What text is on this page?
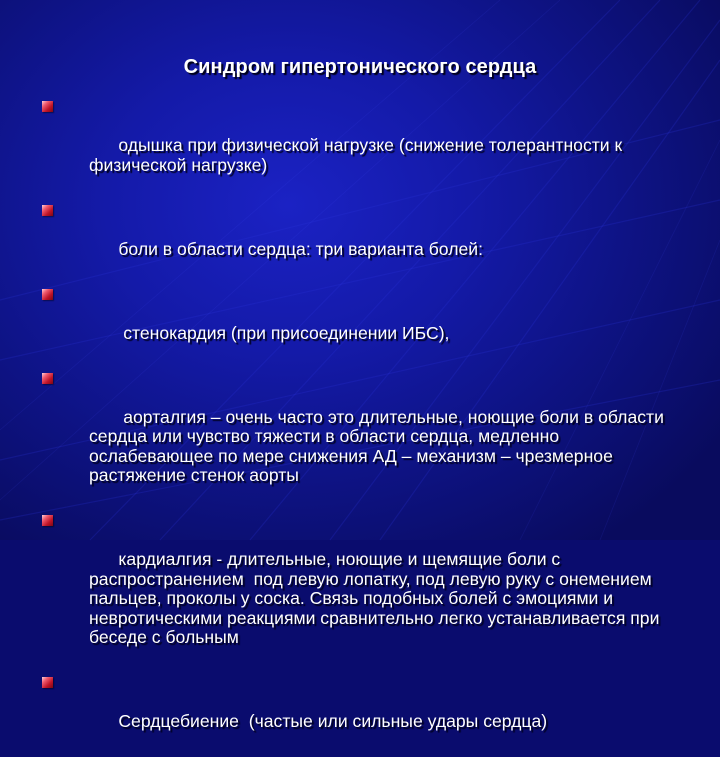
Синдром гипертонического сердца

одышка при физической нагрузке (снижение толерантности к физической нагрузке)

боли в области сердца: три варианта болей:

стенокардия (при присоединении ИБС),

аорталгия – очень часто это длительные, ноющие боли в области сердца или чувство тяжести в области сердца, медленно ослабевающее по мере снижения АД – механизм – чрезмерное растяжение стенок аорты

кардиалгия - длительные, ноющие и щемящие боли с распространением  под левую лопатку, под левую руку с онемением пальцев, проколы у соска. Связь подобных болей с эмоциями и невротическими реакциями сравнительно легко устанавливается при беседе с больным

Сердцебиение  (частые или сильные удары сердца)
